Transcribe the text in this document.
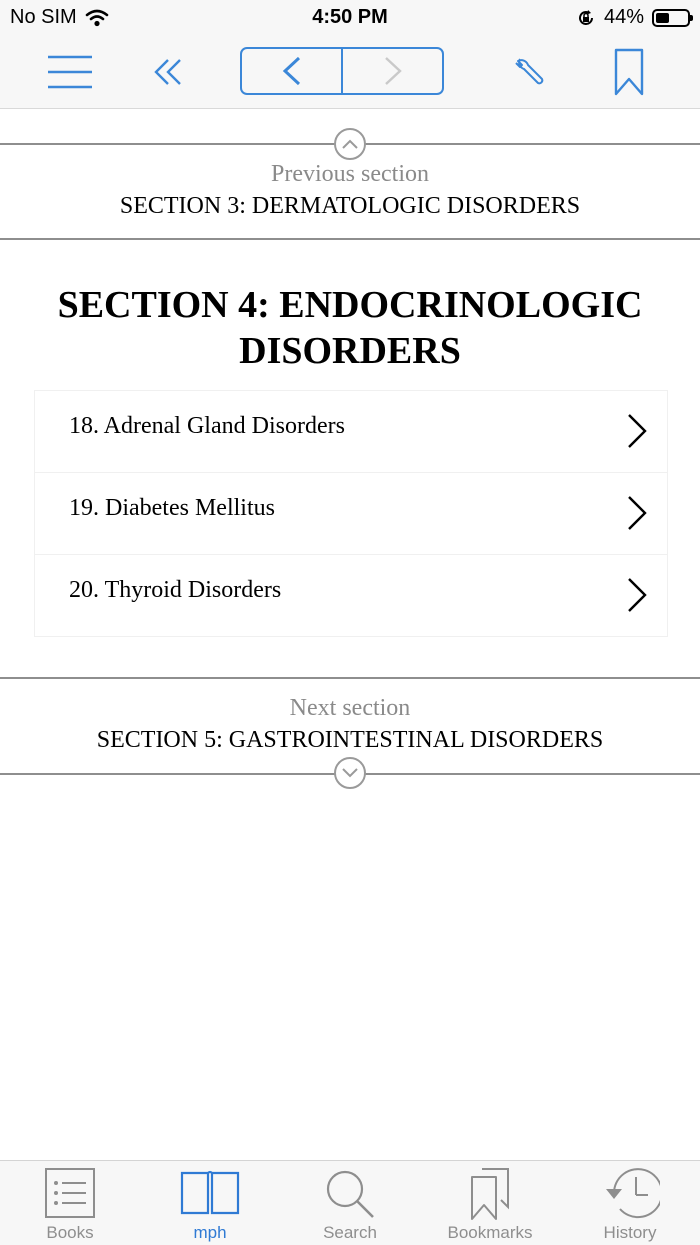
No SIM	4:50 PM	44%
Previous section
SECTION 3: DERMATOLOGIC DISORDERS
SECTION 4: ENDOCRINOLOGIC DISORDERS
18. Adrenal Gland Disorders
19. Diabetes Mellitus
20. Thyroid Disorders
Next section
SECTION 5: GASTROINTESTINAL DISORDERS
Books	mph	Search	Bookmarks	History
